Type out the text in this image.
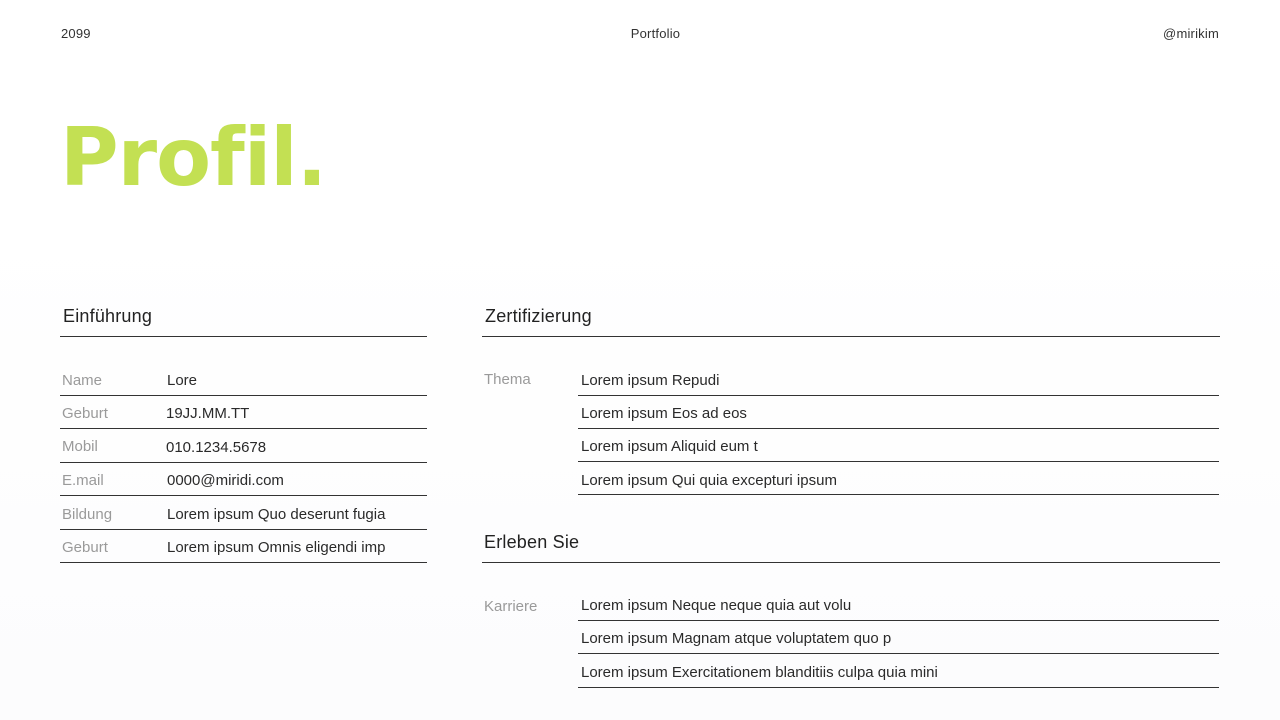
2099	Portfolio	@mirikim
Profil.
Einführung
Name	Lore
Geburt	19JJ.MM.TT
Mobil	010.1234.5678
E.mail	0000@miridi.com
Bildung	Lorem ipsum Quo deserunt fugia
Geburt	Lorem ipsum Omnis eligendi imp
Zertifizierung
Thema	Lorem ipsum Repudi
Lorem ipsum Eos ad eos
Lorem ipsum Aliquid eum t
Lorem ipsum Qui quia excepturi ipsum
Erleben Sie
Karriere	Lorem ipsum Neque neque quia aut volu
Lorem ipsum Magnam atque voluptatem quo p
Lorem ipsum Exercitationem blanditiis culpa quia mini
